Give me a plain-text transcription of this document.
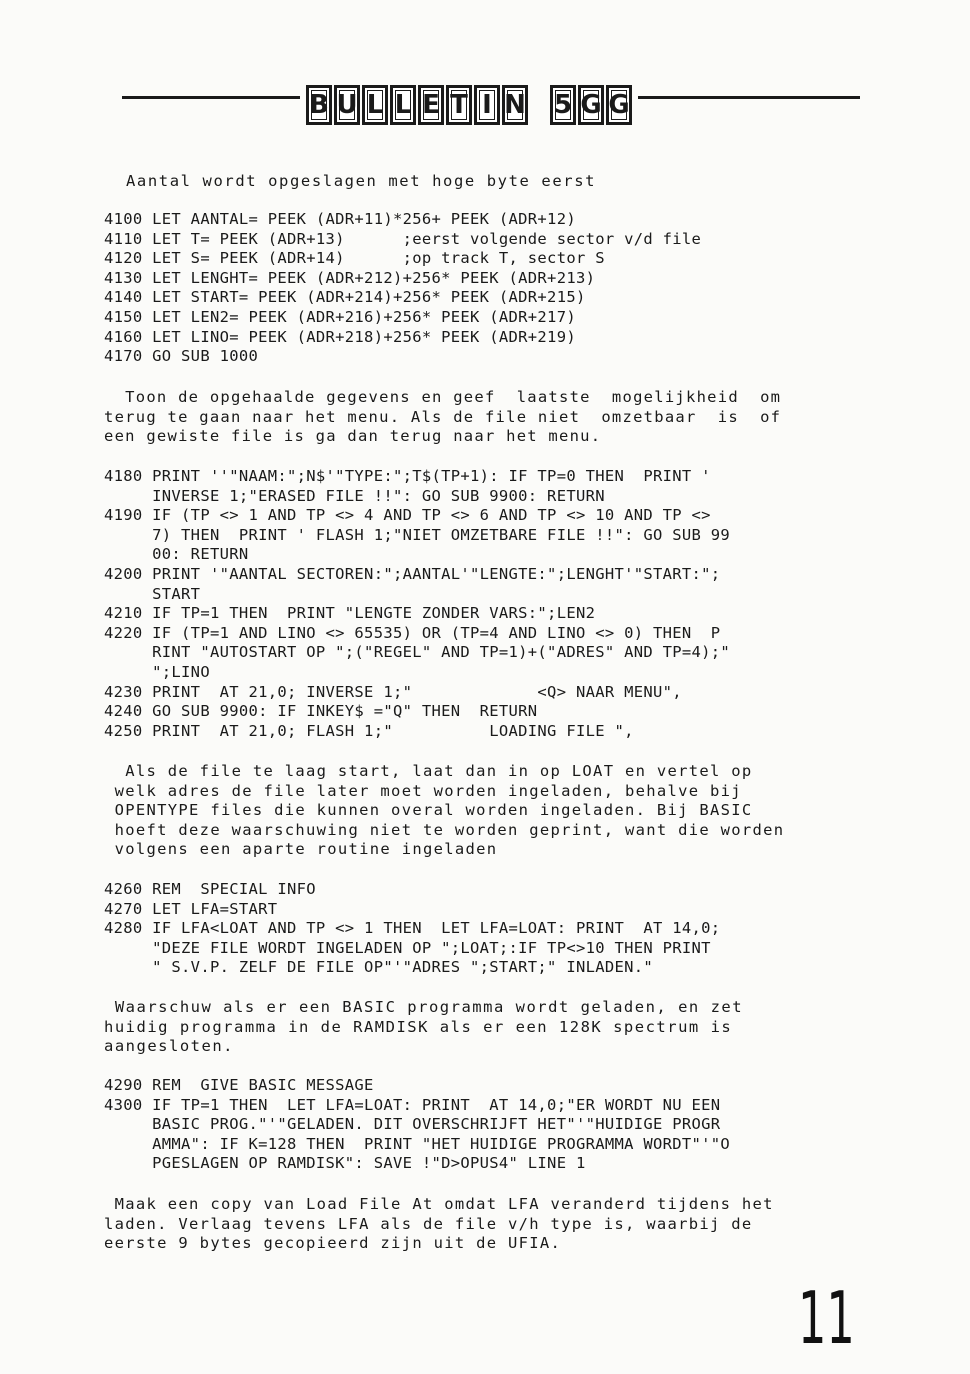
B U L L E T I N 5 G G
Aantal wordt opgeslagen met hoge byte eerst
4100 LET AANTAL= PEEK (ADR+11)*256+ PEEK (ADR+12)
4110 LET T= PEEK (ADR+13)      ;eerst volgende sector v/d file
4120 LET S= PEEK (ADR+14)      ;op track T, sector S
4130 LET LENGHT= PEEK (ADR+212)+256* PEEK (ADR+213)
4140 LET START= PEEK (ADR+214)+256* PEEK (ADR+215)
4150 LET LEN2= PEEK (ADR+216)+256* PEEK (ADR+217)
4160 LET LINO= PEEK (ADR+218)+256* PEEK (ADR+219)
4170 GO SUB 1000
Toon de opgehaalde gegevens en geef  laatste  mogelijkheid  om
terug te gaan naar het menu. Als de file niet  omzetbaar  is  of
een gewiste file is ga dan terug naar het menu.
4180 PRINT ''"NAAM:";N$'"TYPE:";T$(TP+1): IF TP=0 THEN  PRINT '
INVERSE 1;"ERASED FILE !!": GO SUB 9900: RETURN
4190 IF (TP <> 1 AND TP <> 4 AND TP <> 6 AND TP <> 10 AND TP <>
7) THEN  PRINT ' FLASH 1;"NIET OMZETBARE FILE !!": GO SUB 99
00: RETURN
4200 PRINT '"AANTAL SECTOREN:";AANTAL'"LENGTE:";LENGHT'"START:";
START
4210 IF TP=1 THEN  PRINT "LENGTE ZONDER VARS:";LEN2
4220 IF (TP=1 AND LINO <> 65535) OR (TP=4 AND LINO <> 0) THEN  P
RINT "AUTOSTART OP ";("REGEL" AND TP=1)+("ADRES" AND TP=4);"
";LINO
4230 PRINT  AT 21,0; INVERSE 1;"             <Q> NAAR MENU",
4240 GO SUB 9900: IF INKEY$ ="Q" THEN  RETURN
4250 PRINT  AT 21,0; FLASH 1;"          LOADING FILE ",
Als de file te laag start, laat dan in op LOAT en vertel op
welk adres de file later moet worden ingeladen, behalve bij
OPENTYPE files die kunnen overal worden ingeladen. Bij BASIC
hoeft deze waarschuwing niet te worden geprint, want die worden
volgens een aparte routine ingeladen
4260 REM  SPECIAL INFO
4270 LET LFA=START
4280 IF LFA<LOAT AND TP <> 1 THEN  LET LFA=LOAT: PRINT  AT 14,0;
"DEZE FILE WORDT INGELADEN OP ";LOAT;:IF TP<>10 THEN PRINT
" S.V.P. ZELF DE FILE OP"'"ADRES ";START;" INLADEN."
Waarschuw als er een BASIC programma wordt geladen, en zet
huidig programma in de RAMDISK als er een 128K spectrum is
aangesloten.
4290 REM  GIVE BASIC MESSAGE
4300 IF TP=1 THEN  LET LFA=LOAT: PRINT  AT 14,0;"ER WORDT NU EEN
BASIC PROG."'"GELADEN. DIT OVERSCHRIJFT HET"'"HUIDIGE PROGR
AMMA": IF K=128 THEN  PRINT "HET HUIDIGE PROGRAMMA WORDT"'"O
PGESLAGEN OP RAMDISK": SAVE !"D>OPUS4" LINE 1
Maak een copy van Load File At omdat LFA veranderd tijdens het
laden. Verlaag tevens LFA als de file v/h type is, waarbij de
eerste 9 bytes gecopieerd zijn uit de UFIA.
11
